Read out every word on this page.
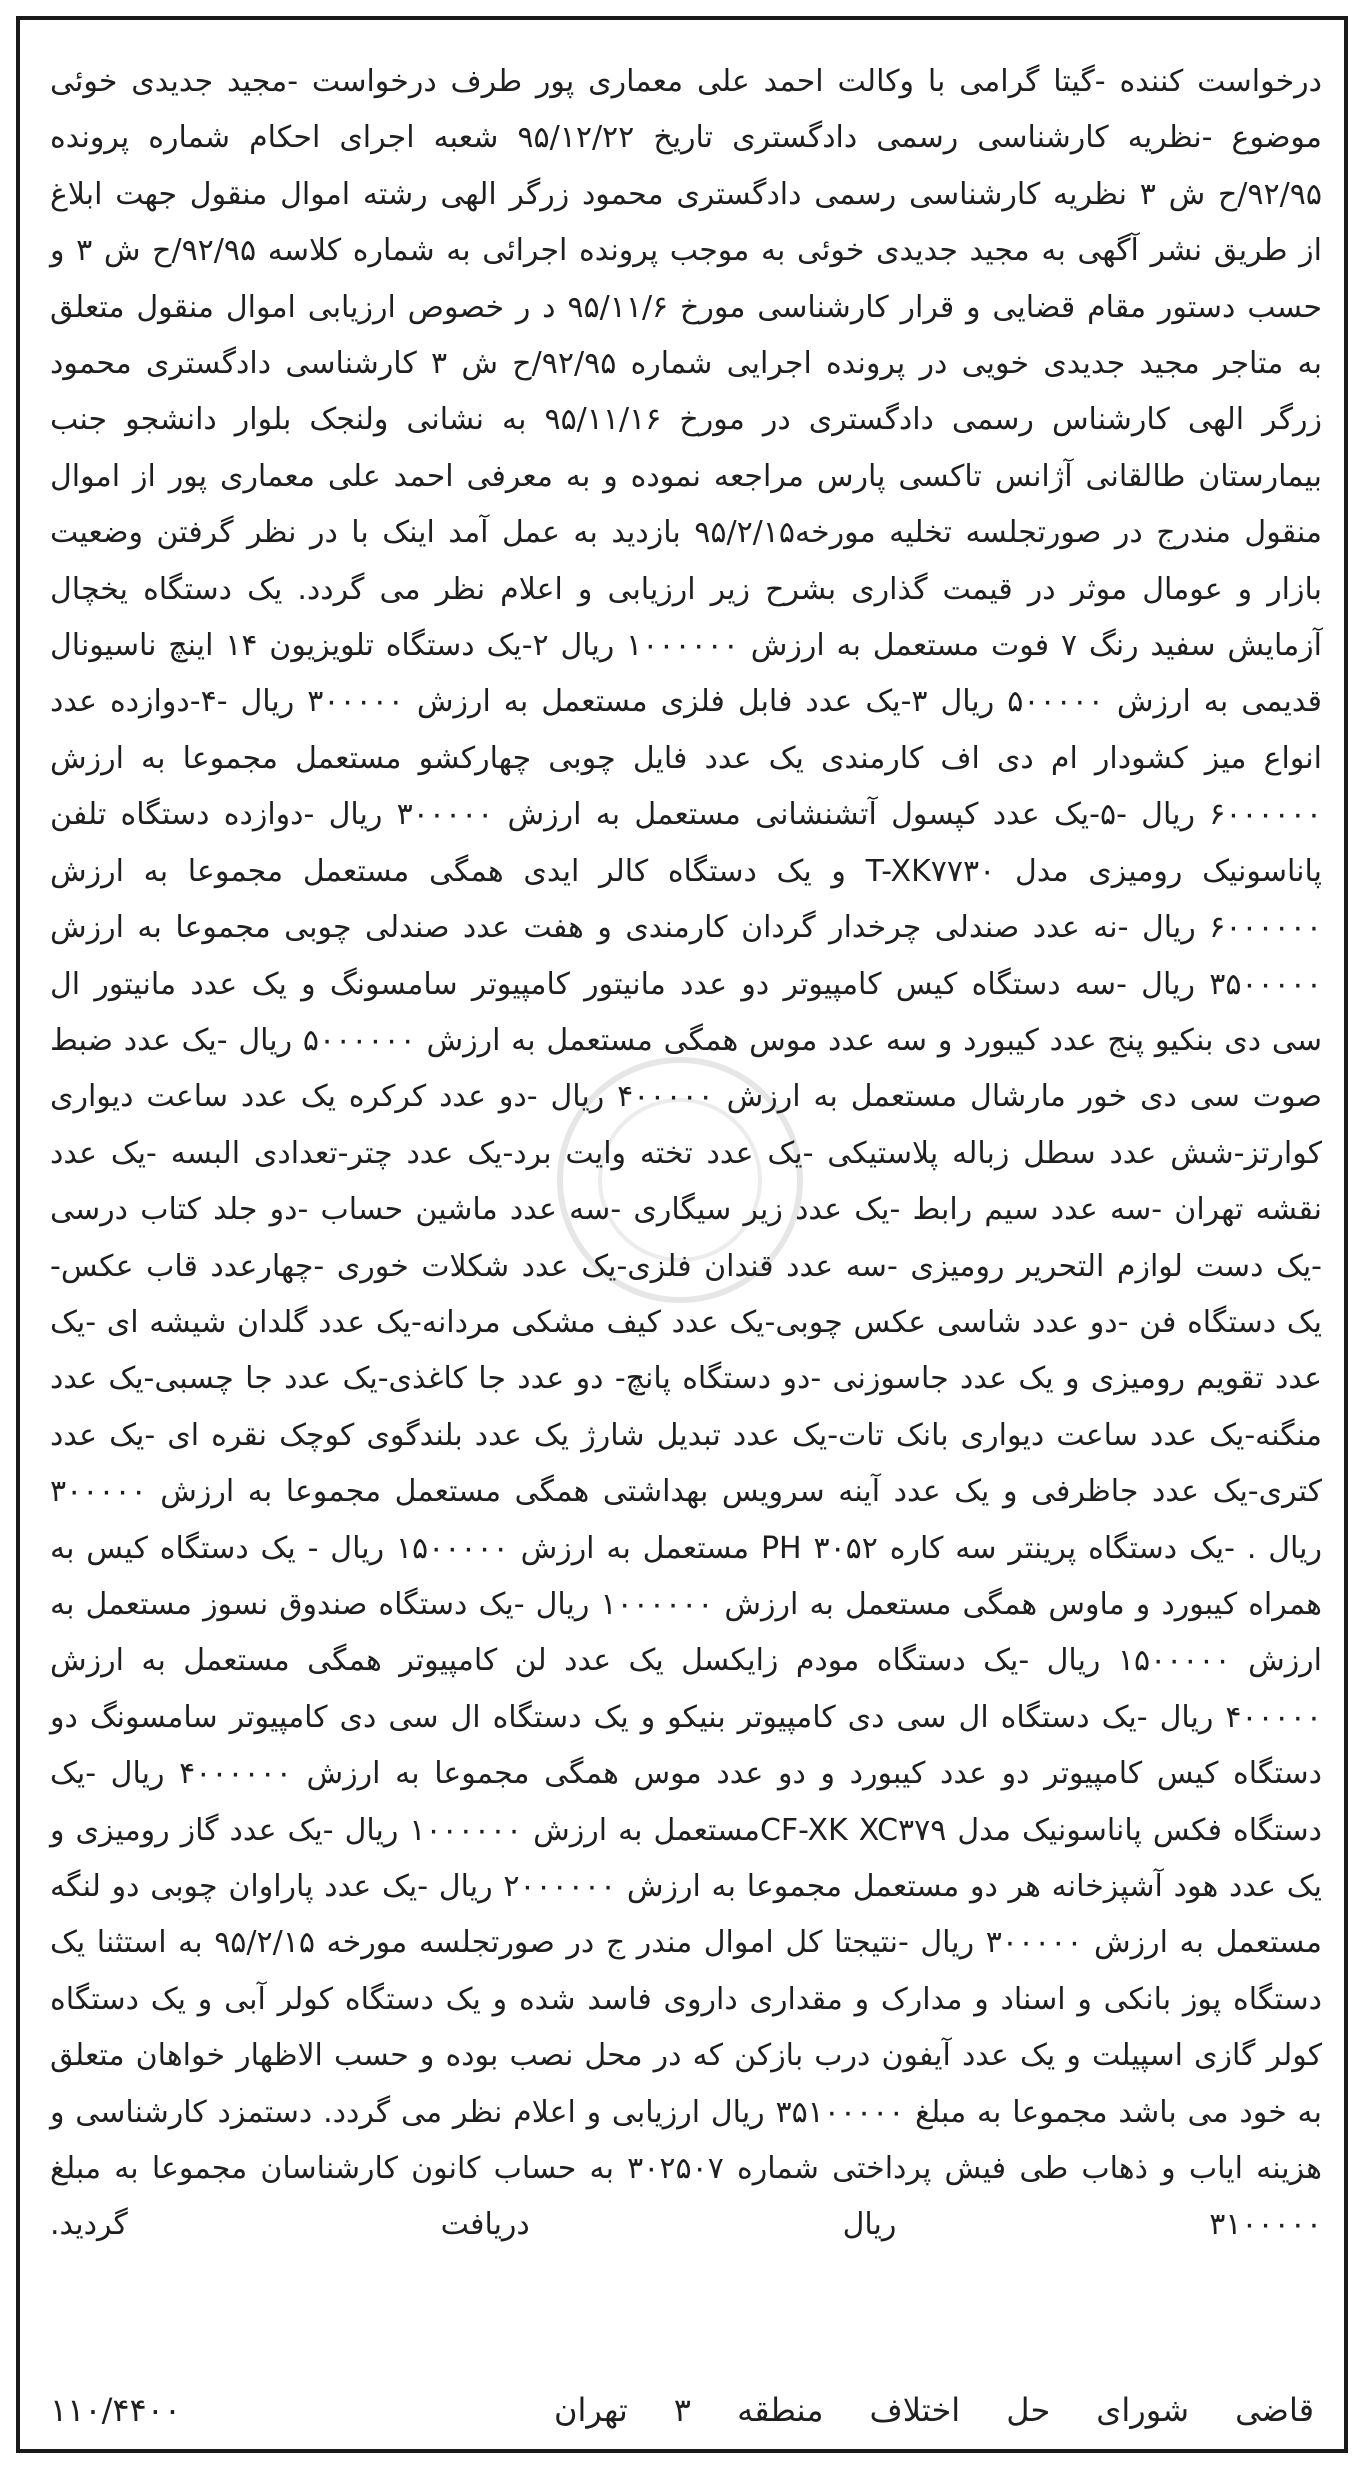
درخواست کننده -گیتا گرامی با وکالت احمد علی معماری پور طرف درخواست -مجید جدیدی خوئی موضوع -نظریه کارشناسی رسمی دادگستری تاریخ ۹۵/۱۲/۲۲ شعبه اجرای احکام شماره پرونده ۹۲/۹۵/ح ش ۳ نظریه کارشناسی رسمی دادگستری محمود زرگر الهی رشته اموال منقول جهت ابلاغ از طریق نشر آگهی به مجید جدیدی خوئی به موجب پرونده اجرائی به شماره کلاسه ۹۲/۹۵/ح ش ۳ و حسب دستور مقام قضایی و قرار کارشناسی مورخ ۹۵/۱۱/۶ د ر خصوص ارزیابی اموال منقول متعلق به متاجر مجید جدیدی خویی در پرونده اجرایی شماره ۹۲/۹۵/ح ش ۳ کارشناسی دادگستری محمود زرگر الهی کارشناس رسمی دادگستری در مورخ ۹۵/۱۱/۱۶ به نشانی ولنجک بلوار دانشجو جنب بیمارستان طالقانی آژانس تاکسی پارس مراجعه نموده و به معرفی احمد علی معماری پور از اموال منقول مندرج در صورتجلسه تخلیه مورخه۹۵/۲/۱۵ بازدید به عمل آمد اینک با در نظر گرفتن وضعیت بازار و عومال موثر در قیمت گذاری بشرح زیر ارزیابی و اعلام نظر می گردد. یک دستگاه یخچال آزمایش سفید رنگ ۷ فوت مستعمل به ارزش ۱۰۰۰۰۰۰ ریال ۲-یک دستگاه تلویزیون ۱۴ اینچ ناسیونال قدیمی به ارزش ۵۰۰۰۰۰ ریال ۳-یک عدد فابل فلزی مستعمل به ارزش ۳۰۰۰۰۰ ریال -۴-دوازده عدد انواع میز کشودار ام دی اف کارمندی یک عدد فایل چوبی چهارکشو مستعمل مجموعا به ارزش ۶۰۰۰۰۰۰ ریال -۵-یک عدد کپسول آتشنشانی مستعمل به ارزش ۳۰۰۰۰۰ ریال -دوازده دستگاه تلفن پاناسونیک رومیزی مدل T-XK۷۷۳۰ و یک دستگاه کالر ایدی همگی مستعمل مجموعا به ارزش ۶۰۰۰۰۰۰ ریال -نه عدد صندلی چرخدار گردان کارمندی و هفت عدد صندلی چوبی مجموعا به ارزش ۳۵۰۰۰۰۰ ریال -سه دستگاه کیس کامپیوتر دو عدد مانیتور کامپیوتر سامسونگ و یک عدد مانیتور ال سی دی بنکیو پنج عدد کیبورد و سه عدد موس همگی مستعمل به ارزش ۵۰۰۰۰۰۰ ریال -یک عدد ضبط صوت سی دی خور مارشال مستعمل به ارزش ۴۰۰۰۰۰ ریال -دو عدد کرکره یک عدد ساعت دیواری کوارتز-شش عدد سطل زباله پلاستیکی -یک عدد تخته وایت برد-یک عدد چتر-تعدادی البسه -یک عدد نقشه تهران -سه عدد سیم رابط -یک عدد زیر سیگاری -سه عدد ماشین حساب -دو جلد کتاب درسی -یک دست لوازم التحریر رومیزی -سه عدد قندان فلزی-یک عدد شکلات خوری -چهارعدد قاب عکس-یک دستگاه فن -دو عدد شاسی عکس چوبی-یک عدد کیف مشکی مردانه-یک عدد گلدان شیشه ای -یک عدد تقویم رومیزی و یک عدد جاسوزنی -دو دستگاه پانچ- دو عدد جا کاغذی-یک عدد جا چسبی-یک عدد منگنه-یک عدد ساعت دیواری بانک تات-یک عدد تبدیل شارژ یک عدد بلندگوی کوچک نقره ای -یک عدد کتری-یک عدد جاظرفی و یک عدد آینه سرویس بهداشتی همگی مستعمل مجموعا به ارزش ۳۰۰۰۰۰ ریال . -یک دستگاه پرینتر سه کاره PH ۳۰۵۲ مستعمل به ارزش ۱۵۰۰۰۰۰ ریال - یک دستگاه کیس به همراه کیبورد و ماوس همگی مستعمل به ارزش ۱۰۰۰۰۰۰ ریال -یک دستگاه صندوق نسوز مستعمل به ارزش ۱۵۰۰۰۰۰ ریال -یک دستگاه مودم زایکسل یک عدد لن کامپیوتر همگی مستعمل به ارزش ۴۰۰۰۰۰ ریال -یک دستگاه ال سی دی کامپیوتر بنیکو و یک دستگاه ال سی دی کامپیوتر سامسونگ دو دستگاه کیس کامپیوتر دو عدد کیبورد و دو عدد موس همگی مجموعا به ارزش ۴۰۰۰۰۰۰ ریال -یک دستگاه فکس پاناسونیک مدل CF-XK XC۳۷۹مستعمل به ارزش ۱۰۰۰۰۰۰ ریال -یک عدد گاز رومیزی و یک عدد هود آشپزخانه هر دو مستعمل مجموعا به ارزش ۲۰۰۰۰۰۰ ریال -یک عدد پاراوان چوبی دو لنگه مستعمل به ارزش ۳۰۰۰۰۰ ریال -نتیجتا کل اموال مندر ج در صورتجلسه مورخه ۹۵/۲/۱۵ به استثنا یک دستگاه پوز بانکی و اسناد و مدارک و مقداری داروی فاسد شده و یک دستگاه کولر آبی و یک دستگاه کولر گازی اسپیلت و یک عدد آیفون درب بازکن که در محل نصب بوده و حسب الاظهار خواهان متعلق به خود می باشد مجموعا به مبلغ ۳۵۱۰۰۰۰۰ ریال ارزیابی و اعلام نظر می گردد. دستمزد کارشناسی و هزینه ایاب و ذهاب طی فیش پرداختی شماره ۳۰۲۵۰۷ به حساب کانون کارشناسان مجموعا به مبلغ ۳۱۰۰۰۰۰ ریال دریافت گردید.

قاضی
شورای
حل
اختلاف
منطقه
۳
تهران
۱۱۰/۴۴۰۰
